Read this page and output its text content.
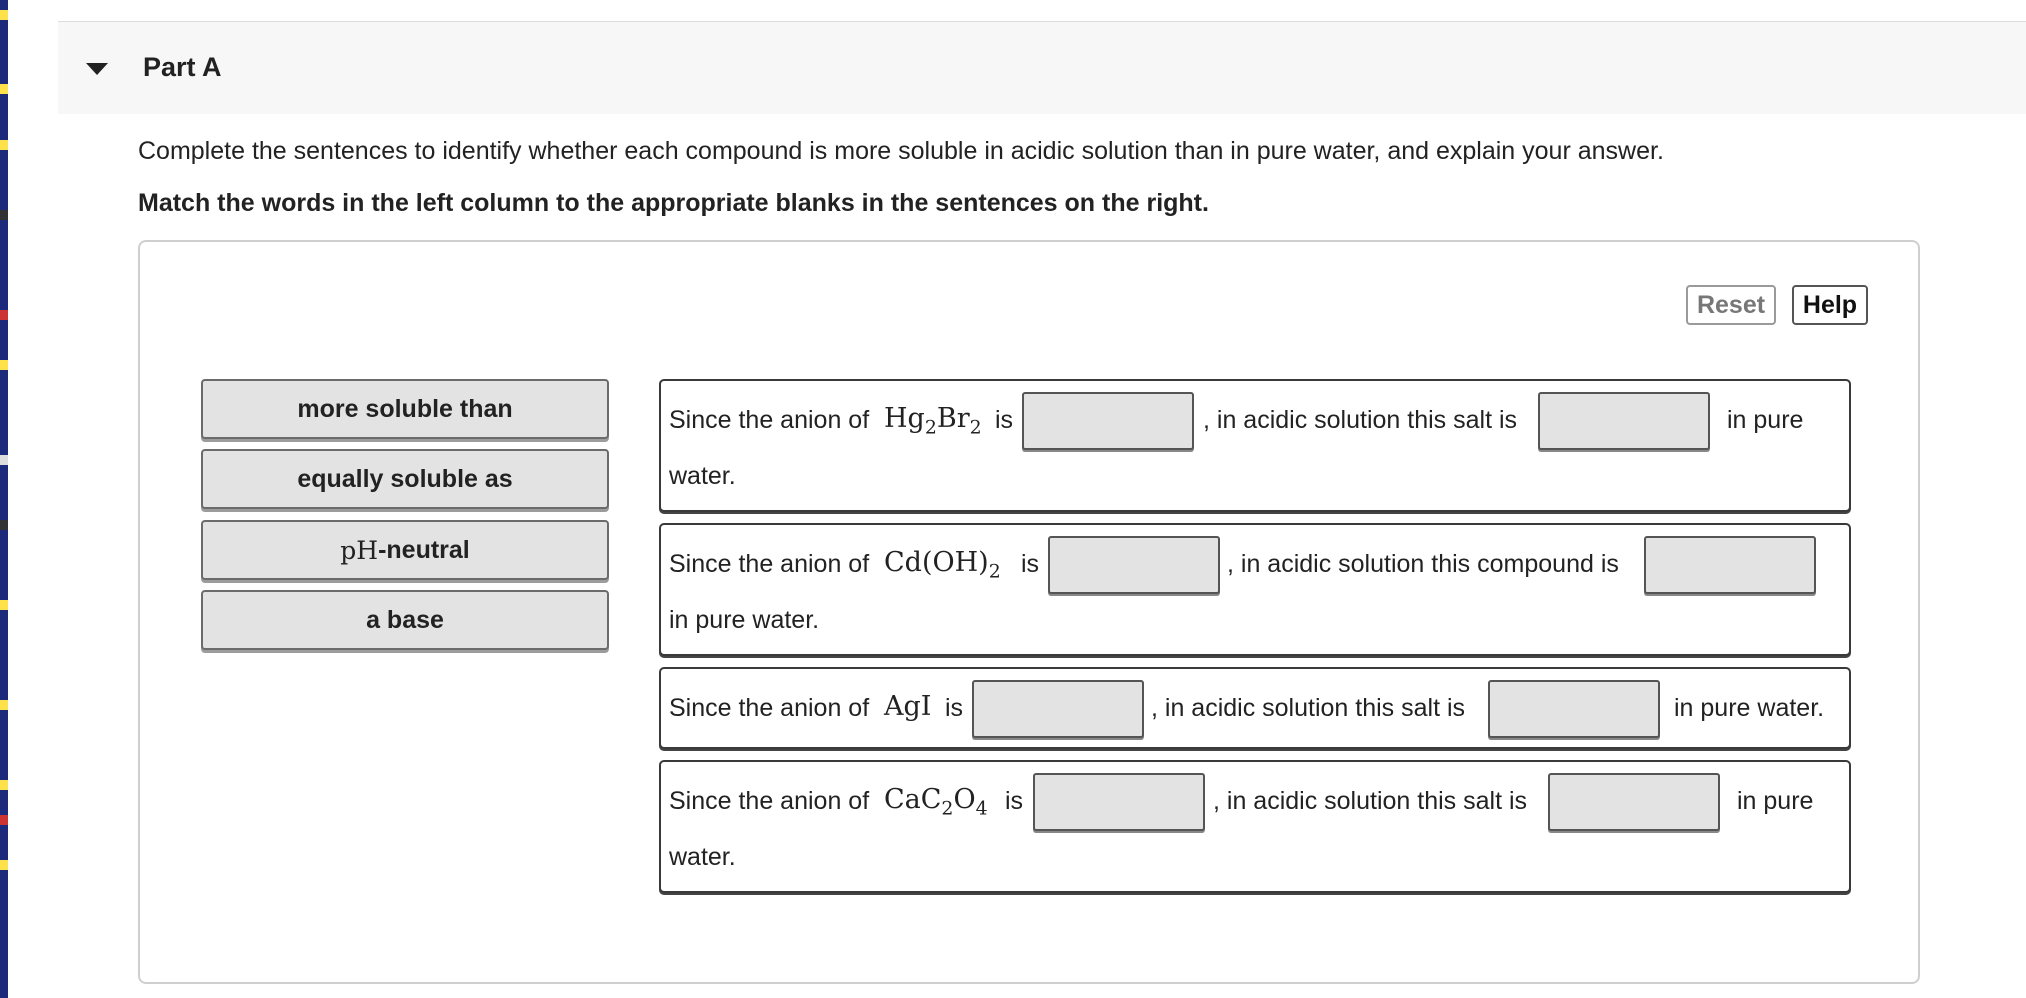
Part A
Complete the sentences to identify whether each compound is more soluble in acidic solution than in pure water, and explain your answer.
Match the words in the left column to the appropriate blanks in the sentences on the right.
Reset	Help
more soluble than
equally soluble as
pH -neutral
a base
Since the anion of $Hg_2Br_2$ is	, in acidic solution this salt is	in pure
water.
Since the anion of $Cd(OH)_2$ is	, in acidic solution this compound is
in pure water.
Since the anion of AgI is	, in acidic solution this salt is	in pure water.
Since the anion of $CaC_2O_4$ is	, in acidic solution this salt is	in pure
water.
